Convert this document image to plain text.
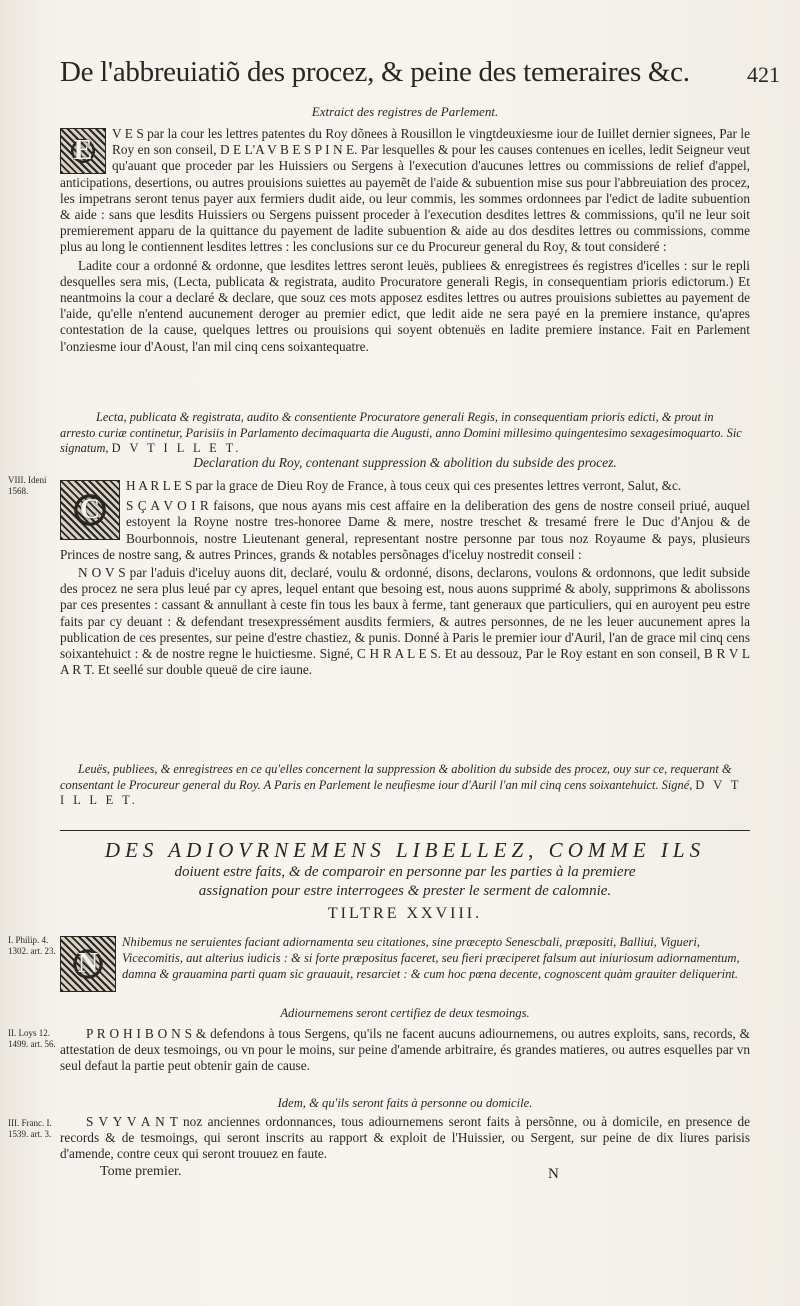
De l'abbreuiatiõ des procez, & peine des temeraires &c.	421
Extraict des registres de Parlement.
E

V E S par la cour les lettres patentes du Roy dõnees à Rousillon le vingtdeuxiesme iour de Iuillet dernier signees, Par le Roy en son conseil, D E L'A V B E S P I N E. Par lesquelles & pour les causes contenues en icelles, ledit Seigneur veut qu'auant que proceder par les Huissiers ou Sergens à l'execution d'aucunes lettres ou commissions de relief d'appel, anticipations, desertions, ou autres prouisions suiettes au payemẽt de l'aide & subuention mise sus pour l'abbreuiation des procez, les impetrans seront tenus payer aux fermiers dudit aide, ou leur commis, les sommes ordonnees par l'edict de ladite subuention & aide : sans que lesdits Huissiers ou Sergens puissent proceder à l'execution desdites lettres & commissions, qu'il ne leur soit premierement apparu de la quittance du payement de ladite subuention & aide au dos desdites lettres ou commissions, comme plus au long le contiennent lesdites lettres : les conclusions sur ce du Procureur general du Roy, & tout consideré :

Ladite cour a ordonné & ordonne, que lesdites lettres seront leuës, publiees & enregistrees és registres d'icelles : sur le repli desquelles sera mis, (Lecta, publicata & registrata, audito Procuratore generali Regis, in consequentiam prioris edictorum.) Et neantmoins la cour a declaré & declare, que souz ces mots apposez esdites lettres ou autres prouisions subiettes au payement de l'aide, qu'elle n'entend aucunement deroger au premier edict, que ledit aide ne sera payé en la premiere instance, qu'apres contestation de la cause, quelques lettres ou prouisions qui soyent obtenuës en ladite premiere instance. Fait en Parlement l'onziesme iour d'Aoust, l'an mil cinq cens soixantequatre.

Lecta, publicata & registrata, audito & consentiente Procuratore generali Regis, in consequentiam prioris edicti, & prout in arresto curiæ continetur, Parisiis in Parlamento decimaquarta die Augusti, anno Domini millesimo quingentesimo sexagesimoquarto. Sic signatum, D V T I L L E T.

Declaration du Roy, contenant suppression & abolition du subside des procez.
VIII. Ideni 1568.
C

H A R L E S par la grace de Dieu Roy de France, à tous ceux qui ces presentes lettres verront, Salut, &c.

S Ç A V O I R faisons, que nous ayans mis cest affaire en la deliberation des gens de nostre conseil priué, auquel estoyent la Royne nostre tres-honoree Dame & mere, nostre treschet & tresamé frere le Duc d'Anjou & de Bourbonnois, nostre Lieutenant general, representant nostre personne par tous noz Royaume & pays, plusieurs Princes de nostre sang, & autres Princes, grands & notables persõnages d'iceluy nostredit conseil :

N O V S par l'aduis d'iceluy auons dit, declaré, voulu & ordonné, disons, declarons, voulons & ordonnons, que ledit subside des procez ne sera plus leué par cy apres, lequel entant que besoing est, nous auons supprimé & aboly, supprimons & abolissons par ces presentes : cassant & annullant à ceste fin tous les baux à ferme, tant generaux que particuliers, qui en auroyent peu estre faits par cy deuant : & defendant tresexpressément ausdits fermiers, & autres personnes, de ne les leuer aucunement apres la publication de ces presentes, sur peine d'estre chastiez, & punis. Donné à Paris le premier iour d'Auril, l'an de grace mil cinq cens soixantehuict : & de nostre regne le huictiesme. Signé, C H R A L E S. Et au dessouz, Par le Roy estant en son conseil, B R V L A R T. Et seellé sur double queuë de cire iaune.

Leuës, publiees, & enregistrees en ce qu'elles concernent la suppression & abolition du subside des procez, ouy sur ce, requerant & consentant le Procureur general du Roy. A Paris en Parlement le neufiesme iour d'Auril l'an mil cinq cens soixantehuict. Signé, D V T I L L E T.

DES ADIOVRNEMENS LIBELLEZ, COMME ILS
doiuent estre faits, & de comparoir en personne par les parties à la premiere
assignation pour estre interrogees & prester le serment de calomnie.
TILTRE XXVIII.
I. Philip. 4. 1302. art. 23. N

Nhibemus ne seruientes faciant adiornamenta seu citationes, sine præcepto Senescbali, præpositi, Balliui, Vigueri, Vicecomitis, aut alterius iudicis : & si forte præpositus faceret, seu fieri præciperet falsum aut iniuriosum adiornamentum, damna & grauamina parti quam sic grauauit, resarciet : & cum hoc pœna decente, cognoscent quàm grauiter deliquerint.

Adiournemens seront certifiez de deux tesmoings.
II. Loys 12. 1499. art. 56.

P R O H I B O N S & defendons à tous Sergens, qu'ils ne facent aucuns adiournemens, ou autres exploits, sans, records, & attestation de deux tesmoings, ou vn pour le moins, sur peine d'amende arbitraire, és grandes matieres, ou autres esquelles par vn seul defaut la partie peut obtenir gain de cause.

Idem, & qu'ils seront faits à personne ou domicile.
III. Franc. I. 1539. art. 3.

S V Y V A N T noz anciennes ordonnances, tous adiournemens seront faits à persõnne, ou à domicile, en presence de records & de tesmoings, qui seront inscrits au rapport & exploit de l'Huissier, ou Sergent, sur peine de dix liures parisis d'amende, contre ceux qui seront trouuez en faute.

Tome premier.	N
